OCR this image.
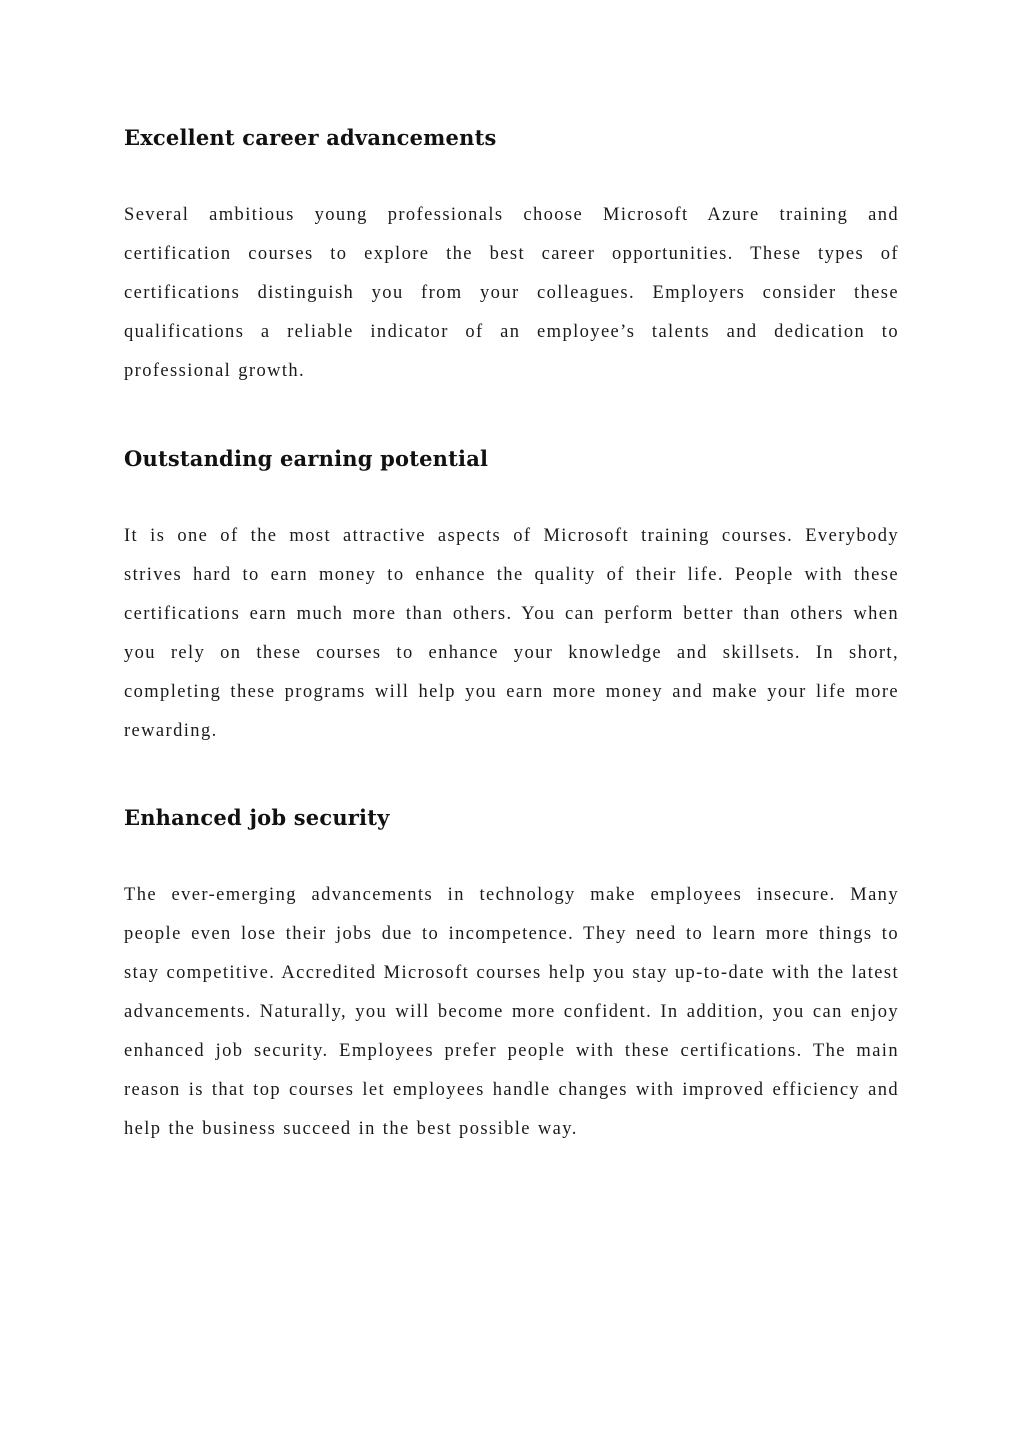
Excellent career advancements

Several ambitious young professionals choose Microsoft Azure training and certification courses to explore the best career opportunities. These types of certifications distinguish you from your colleagues. Employers consider these qualifications a reliable indicator of an employee’s talents and dedication to professional growth.

Outstanding earning potential

It is one of the most attractive aspects of Microsoft training courses. Everybody strives hard to earn money to enhance the quality of their life. People with these certifications earn much more than others. You can perform better than others when you rely on these courses to enhance your knowledge and skillsets. In short, completing these programs will help you earn more money and make your life more rewarding.

Enhanced job security

The ever-emerging advancements in technology make employees insecure. Many people even lose their jobs due to incompetence. They need to learn more things to stay competitive. Accredited Microsoft courses help you stay up-to-date with the latest advancements. Naturally, you will become more confident. In addition, you can enjoy enhanced job security. Employees prefer people with these certifications. The main reason is that top courses let employees handle changes with improved efficiency and help the business succeed in the best possible way.
